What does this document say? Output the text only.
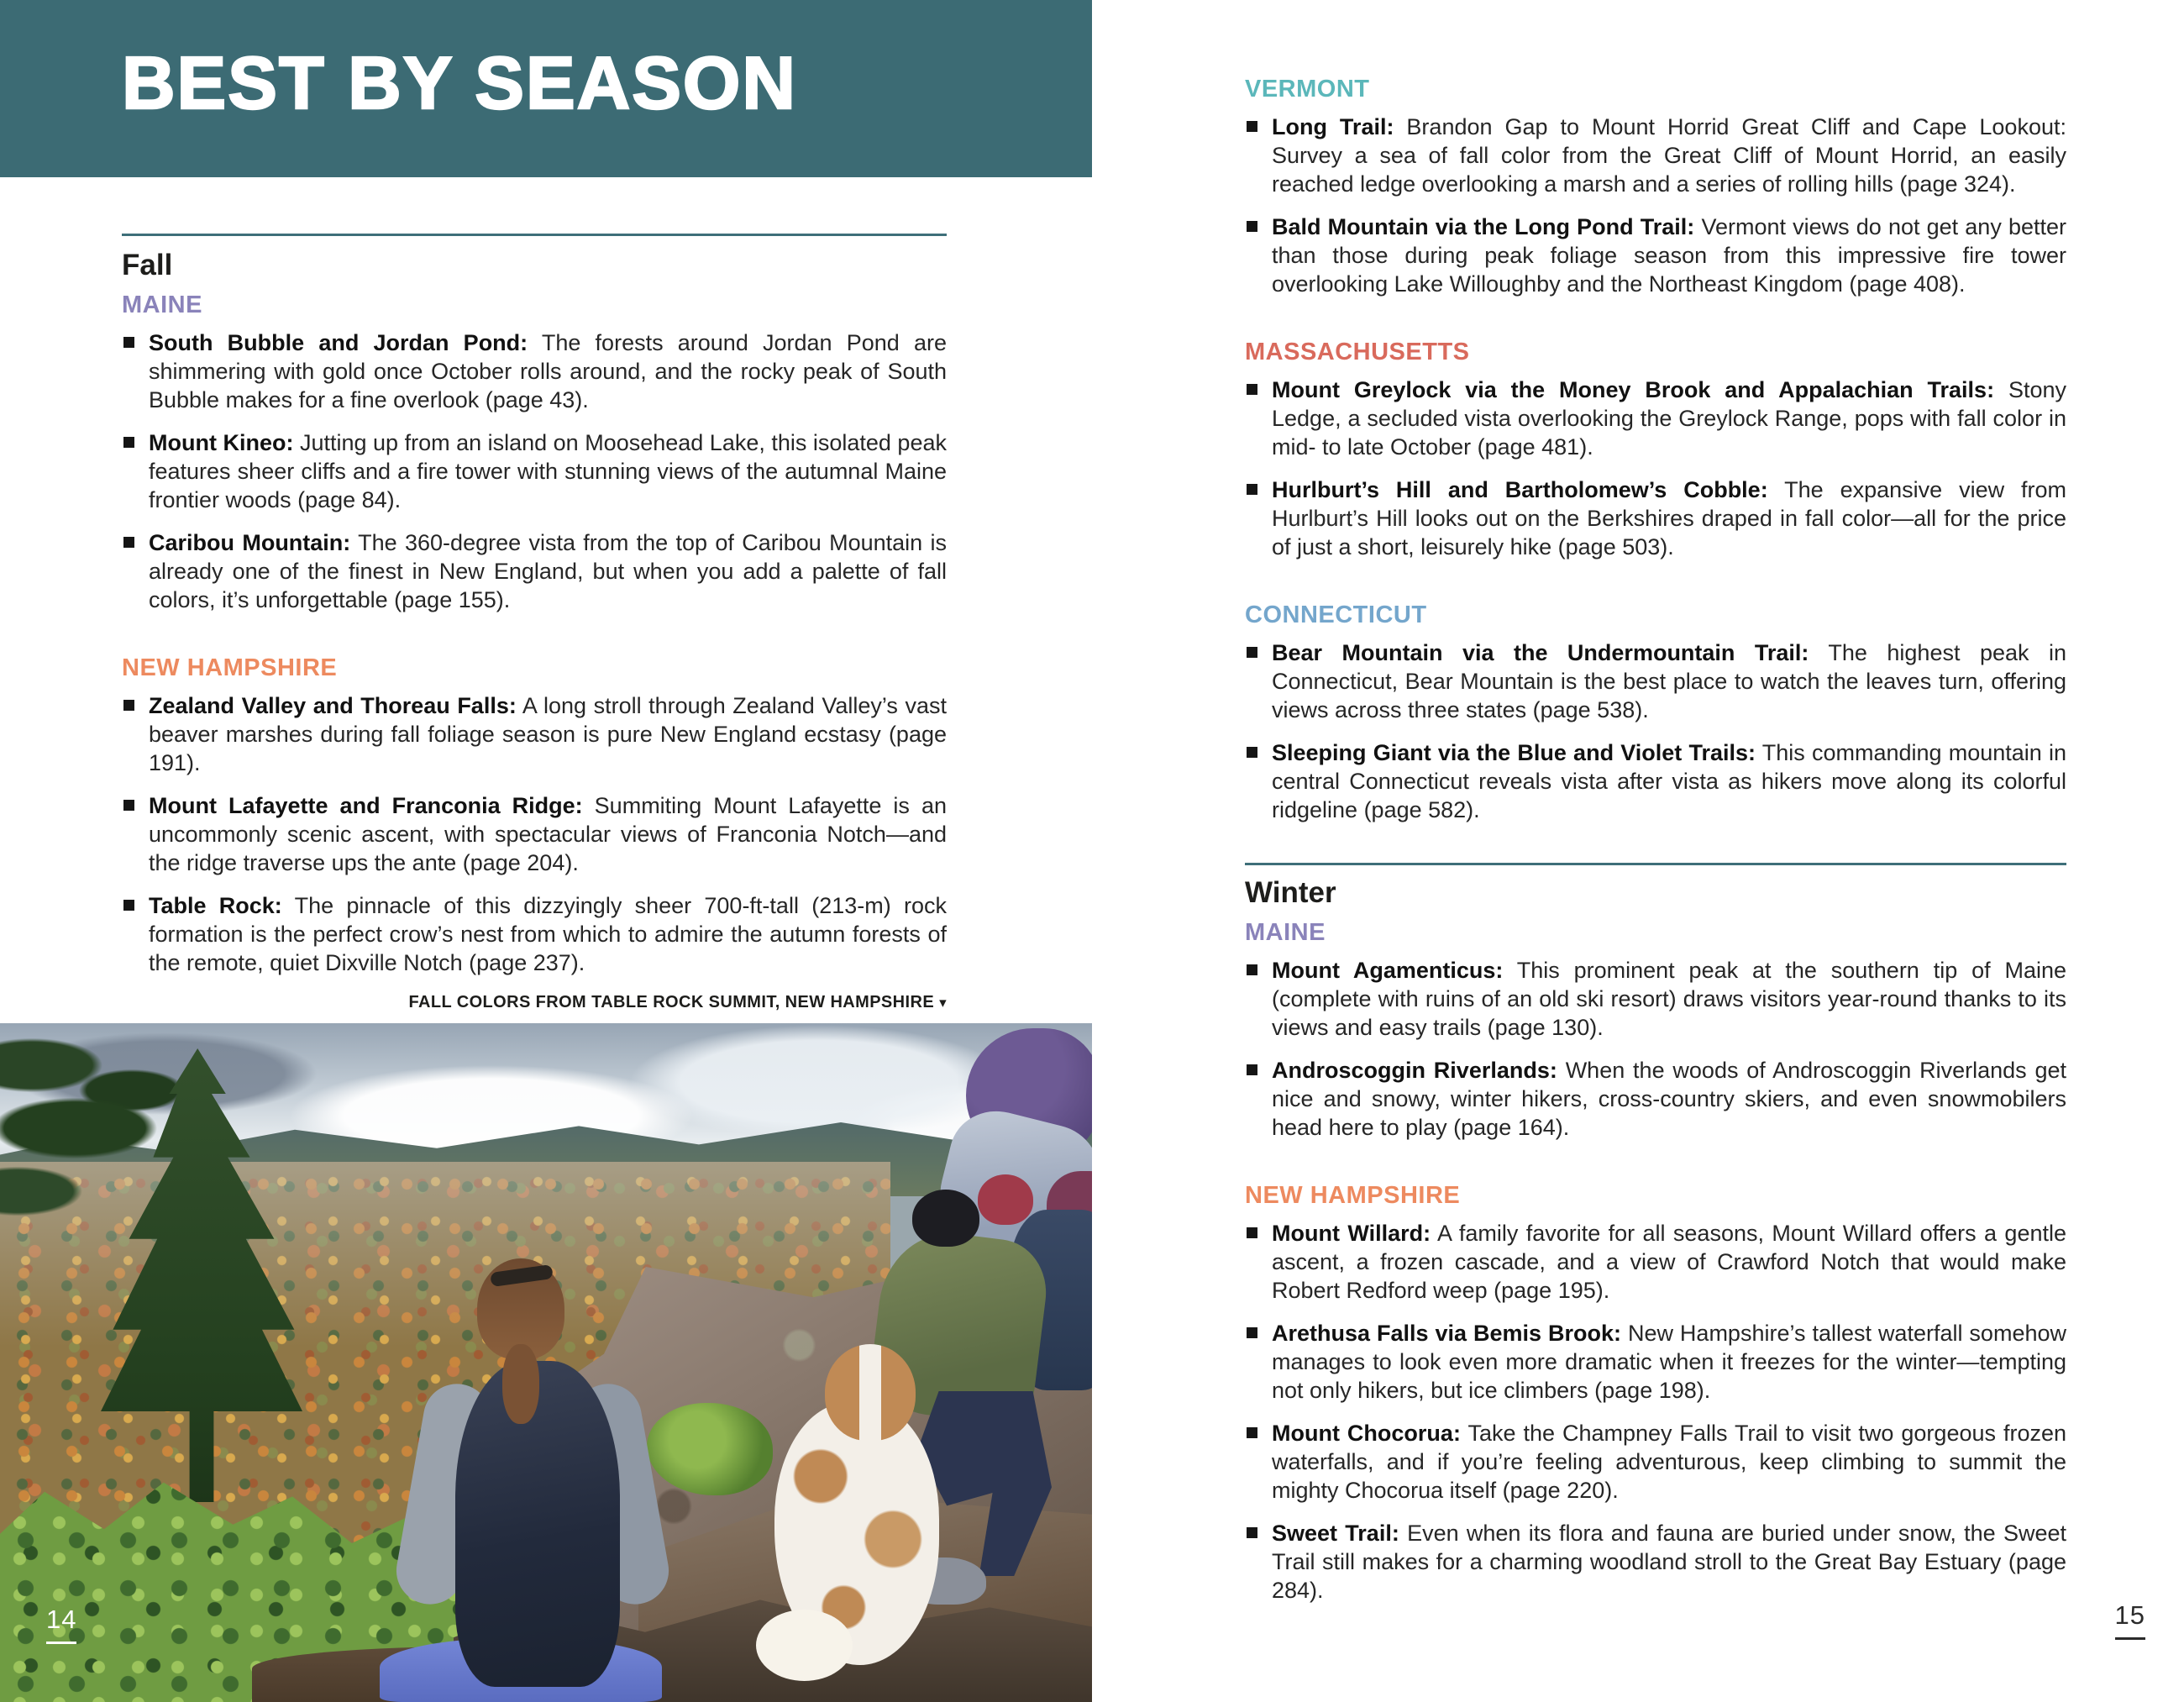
BEST BY SEASON
Fall
MAINE
South Bubble and Jordan Pond: The forests around Jordan Pond are shimmering with gold once October rolls around, and the rocky peak of South Bubble makes for a fine overlook (page 43).
Mount Kineo: Jutting up from an island on Moosehead Lake, this isolated peak features sheer cliffs and a fire tower with stunning views of the autumnal Maine frontier woods (page 84).
Caribou Mountain: The 360-degree vista from the top of Caribou Mountain is already one of the finest in New England, but when you add a palette of fall colors, it’s unforgettable (page 155).
NEW HAMPSHIRE
Zealand Valley and Thoreau Falls: A long stroll through Zealand Valley’s vast beaver marshes during fall foliage season is pure New England ecstasy (page 191).
Mount Lafayette and Franconia Ridge: Summiting Mount Lafayette is an uncommonly scenic ascent, with spectacular views of Franconia Notch—and the ridge traverse ups the ante (page 204).
Table Rock: The pinnacle of this dizzyingly sheer 700-ft-tall (213-m) rock formation is the perfect crow’s nest from which to admire the autumn forests of the remote, quiet Dixville Notch (page 237).
FALL COLORS FROM TABLE ROCK SUMMIT, NEW HAMPSHIRE ▾
14
VERMONT
Long Trail: Brandon Gap to Mount Horrid Great Cliff and Cape Lookout: Survey a sea of fall color from the Great Cliff of Mount Horrid, an easily reached ledge overlooking a marsh and a series of rolling hills (page 324).
Bald Mountain via the Long Pond Trail: Vermont views do not get any better than those during peak foliage season from this impressive fire tower overlooking Lake Willoughby and the Northeast Kingdom (page 408).
MASSACHUSETTS
Mount Greylock via the Money Brook and Appalachian Trails: Stony Ledge, a secluded vista overlooking the Greylock Range, pops with fall color in mid- to late October (page 481).
Hurlburt’s Hill and Bartholomew’s Cobble: The expansive view from Hurlburt’s Hill looks out on the Berkshires draped in fall color—all for the price of just a short, leisurely hike (page 503).
CONNECTICUT
Bear Mountain via the Undermountain Trail: The highest peak in Connecticut, Bear Mountain is the best place to watch the leaves turn, offering views across three states (page 538).
Sleeping Giant via the Blue and Violet Trails: This commanding mountain in central Connecticut reveals vista after vista as hikers move along its colorful ridgeline (page 582).
Winter
MAINE
Mount Agamenticus: This prominent peak at the southern tip of Maine (complete with ruins of an old ski resort) draws visitors year-round thanks to its views and easy trails (page 130).
Androscoggin Riverlands: When the woods of Androscoggin Riverlands get nice and snowy, winter hikers, cross-country skiers, and even snowmobilers head here to play (page 164).
NEW HAMPSHIRE
Mount Willard: A family favorite for all seasons, Mount Willard offers a gentle ascent, a frozen cascade, and a view of Crawford Notch that would make Robert Redford weep (page 195).
Arethusa Falls via Bemis Brook: New Hampshire’s tallest waterfall somehow manages to look even more dramatic when it freezes for the winter—tempting not only hikers, but ice climbers (page 198).
Mount Chocorua: Take the Champney Falls Trail to visit two gorgeous frozen waterfalls, and if you’re feeling adventurous, keep climbing to summit the mighty Chocorua itself (page 220).
Sweet Trail: Even when its flora and fauna are buried under snow, the Sweet Trail still makes for a charming woodland stroll to the Great Bay Estuary (page 284).
15
